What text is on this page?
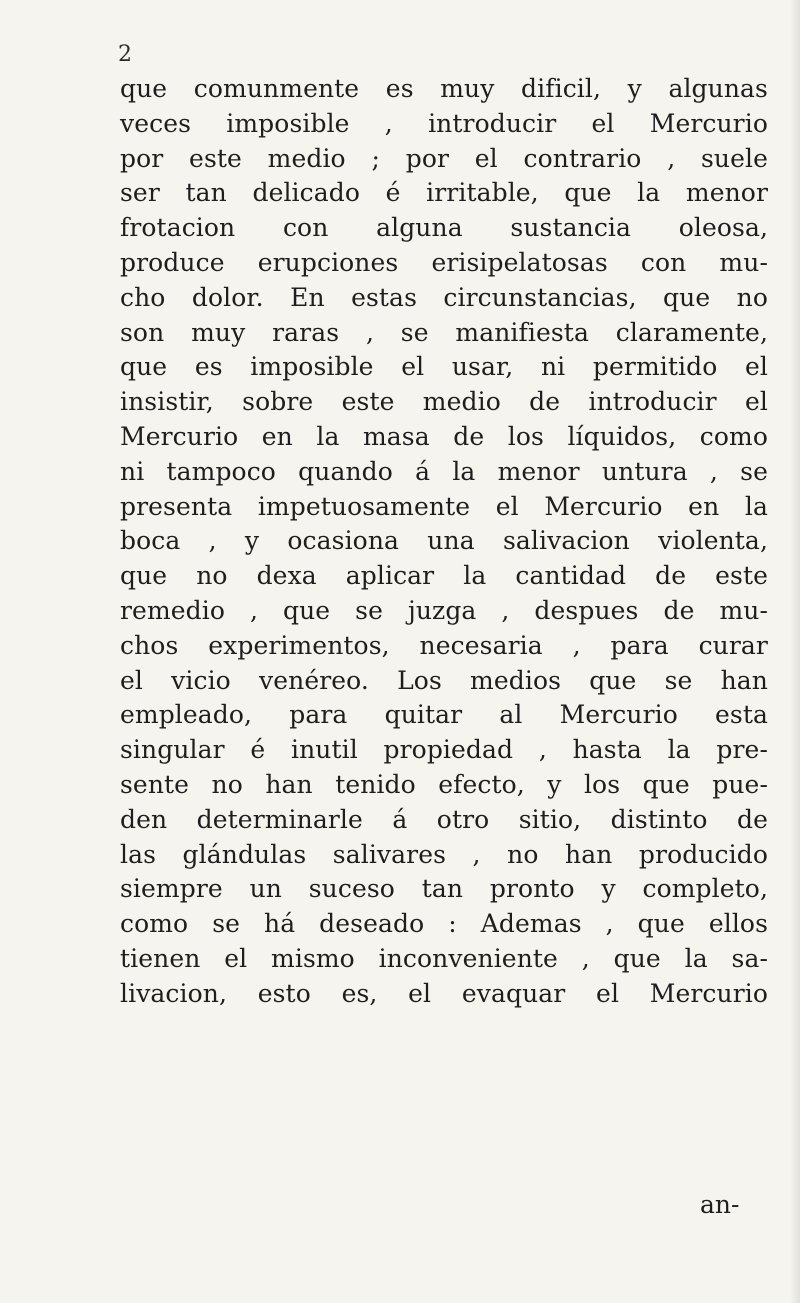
2
que comunmente es muy dificil, y algunas
veces imposible , introducir el Mercurio
por este medio ; por el contrario , suele
ser tan delicado é irritable, que la menor
frotacion con alguna sustancia oleosa,
produce erupciones erisipelatosas con mu-
cho dolor. En estas circunstancias, que no
son muy raras , se manifiesta claramente,
que es imposible el usar, ni permitido el
insistir, sobre este medio de introducir el
Mercurio en la masa de los líquidos, como
ni tampoco quando á la menor untura , se
presenta impetuosamente el Mercurio en la
boca , y ocasiona una salivacion violenta,
que no dexa aplicar la cantidad de este
remedio , que se juzga , despues de mu-
chos experimentos, necesaria , para curar
el vicio venéreo. Los medios que se han
empleado, para quitar al Mercurio esta
singular é inutil propiedad , hasta la pre-
sente no han tenido efecto, y los que pue-
den determinarle á otro sitio, distinto de
las glándulas salivares , no han producido
siempre un suceso tan pronto y completo,
como se há deseado : Ademas , que ellos
tienen el mismo inconveniente , que la sa-
livacion, esto es, el evaquar el Mercurio
an-
